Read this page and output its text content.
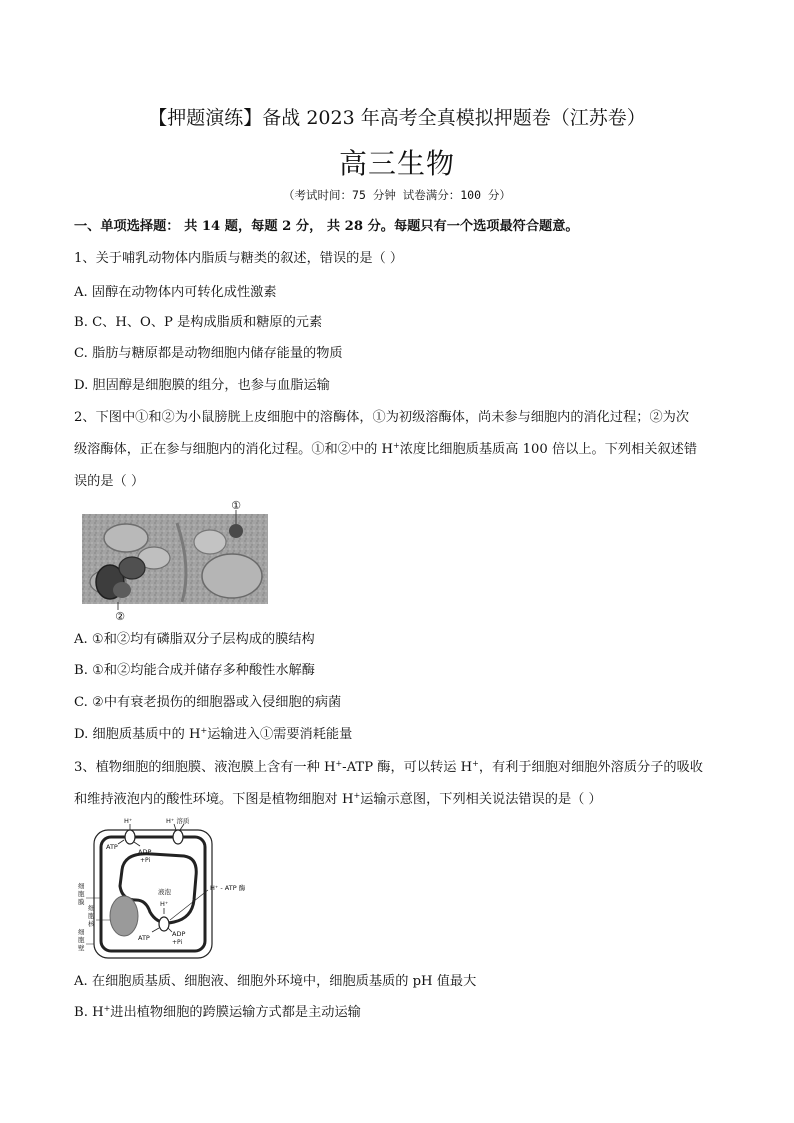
【押题演练】备战 2023 年高考全真模拟押题卷（江苏卷）
高三生物
（考试时间：75 分钟 试卷满分：100 分）
一、单项选择题： 共 14 题，每题 2 分， 共 28 分。每题只有一个选项最符合题意。
1、关于哺乳动物体内脂质与糖类的叙述，错误的是（ ）
A. 固醇在动物体内可转化成性激素
B. C、H、O、P 是构成脂质和糖原的元素
C. 脂肪与糖原都是动物细胞内储存能量的物质
D. 胆固醇是细胞膜的组分，也参与血脂运输
2、下图中①和②为小鼠膀胱上皮细胞中的溶酶体，①为初级溶酶体，尚未参与细胞内的消化过程；②为次
级溶酶体，正在参与细胞内的消化过程。①和②中的 H+浓度比细胞质基质高 100 倍以上。下列相关叙述错
误的是（ ）
①
②
A. ①和②均有磷脂双分子层构成的膜结构
B. ①和②均能合成并储存多种酸性水解酶
C. ②中有衰老损伤的细胞器或入侵细胞的病菌
D. 细胞质基质中的 H+运输进入①需要消耗能量
3、植物细胞的细胞膜、液泡膜上含有一种 H+-ATP 酶，可以转运 H+，有利于细胞对细胞外溶质分子的吸收
和维持液泡内的酸性环境。下图是植物细胞对 H+运输示意图，下列相关说法错误的是（ ）
H⁺	H⁺ 溶质
ATP
ADP
+Pi
液泡
H⁺
H⁺ - ATP 酶
ATP	ADP
+Pi
细
胞
膜
细
胞
核
细
胞
壁
A. 在细胞质基质、细胞液、细胞外环境中，细胞质基质的 pH 值最大
B. H+进出植物细胞的跨膜运输方式都是主动运输
